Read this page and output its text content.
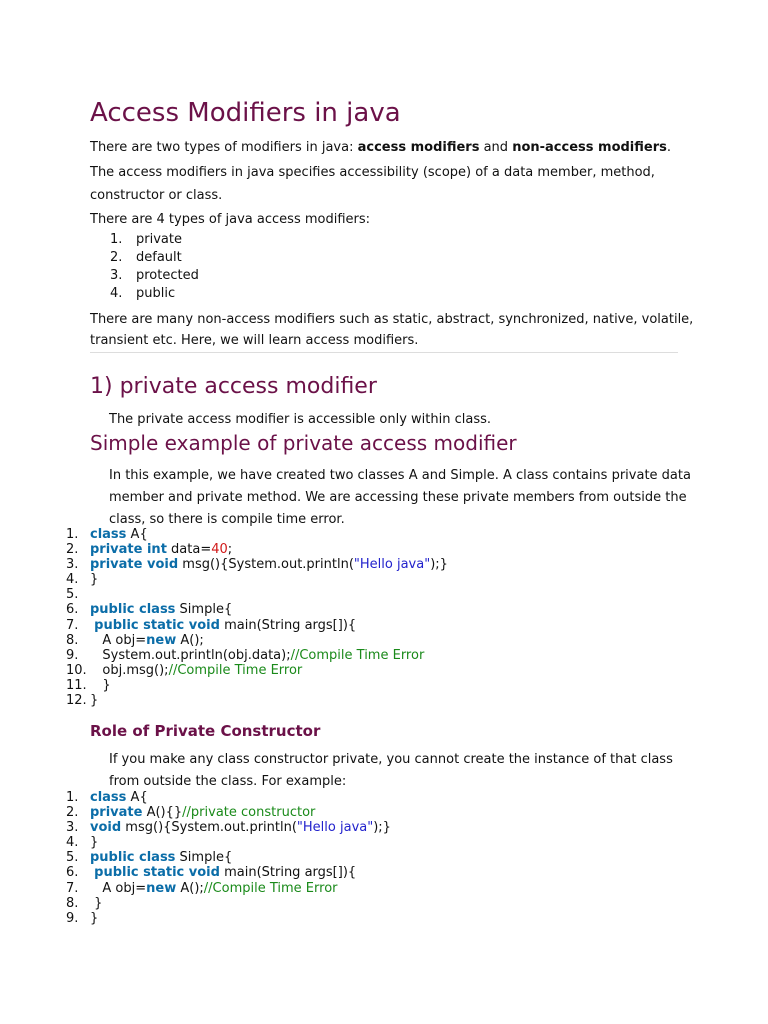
Access Modifiers in java
There are two types of modifiers in java: access modifiers and non-access modifiers.
The access modifiers in java specifies accessibility (scope) of a data member, method,
constructor or class.
There are 4 types of java access modifiers:
1. private
2. default
3. protected
4. public
There are many non-access modifiers such as static, abstract, synchronized, native, volatile,
transient etc. Here, we will learn access modifiers.
1) private access modifier
The private access modifier is accessible only within class.
Simple example of private access modifier
In this example, we have created two classes A and Simple. A class contains private data
member and private method. We are accessing these private members from outside the
class, so there is compile time error.
1. class A{
2. private int data=40;
3. private void msg(){System.out.println("Hello java");}
4. }
5.
6. public class Simple{
7. public static void main(String args[]){
8.   A obj=new A();
9.   System.out.println(obj.data);//Compile Time Error
10.   obj.msg();//Compile Time Error
11.   }
12. }
Role of Private Constructor
If you make any class constructor private, you cannot create the instance of that class
from outside the class. For example:
1. class A{
2. private A(){}//private constructor
3. void msg(){System.out.println("Hello java");}
4. }
5. public class Simple{
6. public static void main(String args[]){
7.   A obj=new A();//Compile Time Error
8. }
9. }
